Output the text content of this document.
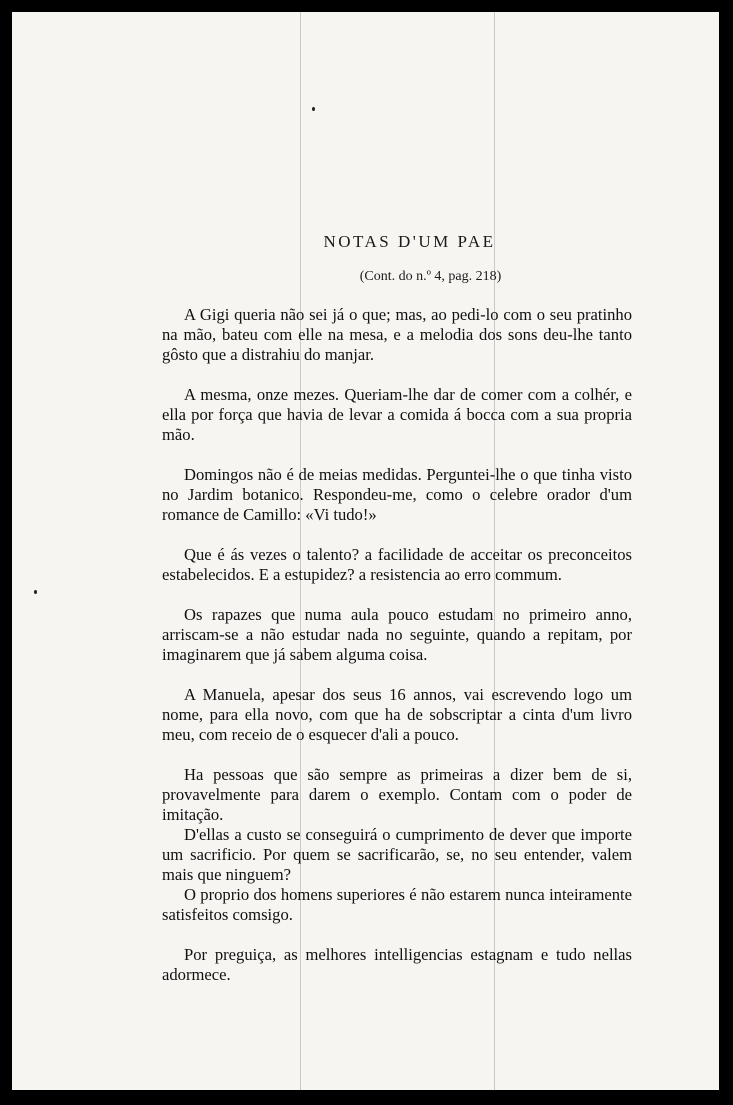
NOTAS D'UM PAE
(Cont. do n.º 4, pag. 218)

A Gigi queria não sei já o que; mas, ao pedi-lo com o seu pratinho na mão, bateu com elle na mesa, e a melodia dos sons deu-lhe tanto gôsto que a distrahiu do manjar.

A mesma, onze mezes. Queriam-lhe dar de comer com a colhér, e ella por força que havia de levar a comida á bocca com a sua propria mão.

Domingos não é de meias medidas. Perguntei-lhe o que tinha visto no Jardim botanico. Respondeu-me, como o celebre orador d'um romance de Camillo: «Vi tudo!»

Que é ás vezes o talento? a facilidade de acceitar os preconceitos estabelecidos. E a estupidez? a resistencia ao erro commum.

Os rapazes que numa aula pouco estudam no primeiro anno, arriscam-se a não estudar nada no seguinte, quando a repitam, por imaginarem que já sabem alguma coisa.

A Manuela, apesar dos seus 16 annos, vai escrevendo logo um nome, para ella novo, com que ha de sobscriptar a cinta d'um livro meu, com receio de o esquecer d'ali a pouco.

Ha pessoas que são sempre as primeiras a dizer bem de si, provavelmente para darem o exemplo. Contam com o poder de imitação.

D'ellas a custo se conseguirá o cumprimento de dever que importe um sacrificio. Por quem se sacrificarão, se, no seu entender, valem mais que ninguem?

O proprio dos homens superiores é não estarem nunca inteiramente satisfeitos comsigo.

Por preguiça, as melhores intelligencias estagnam e tudo nellas adormece.
